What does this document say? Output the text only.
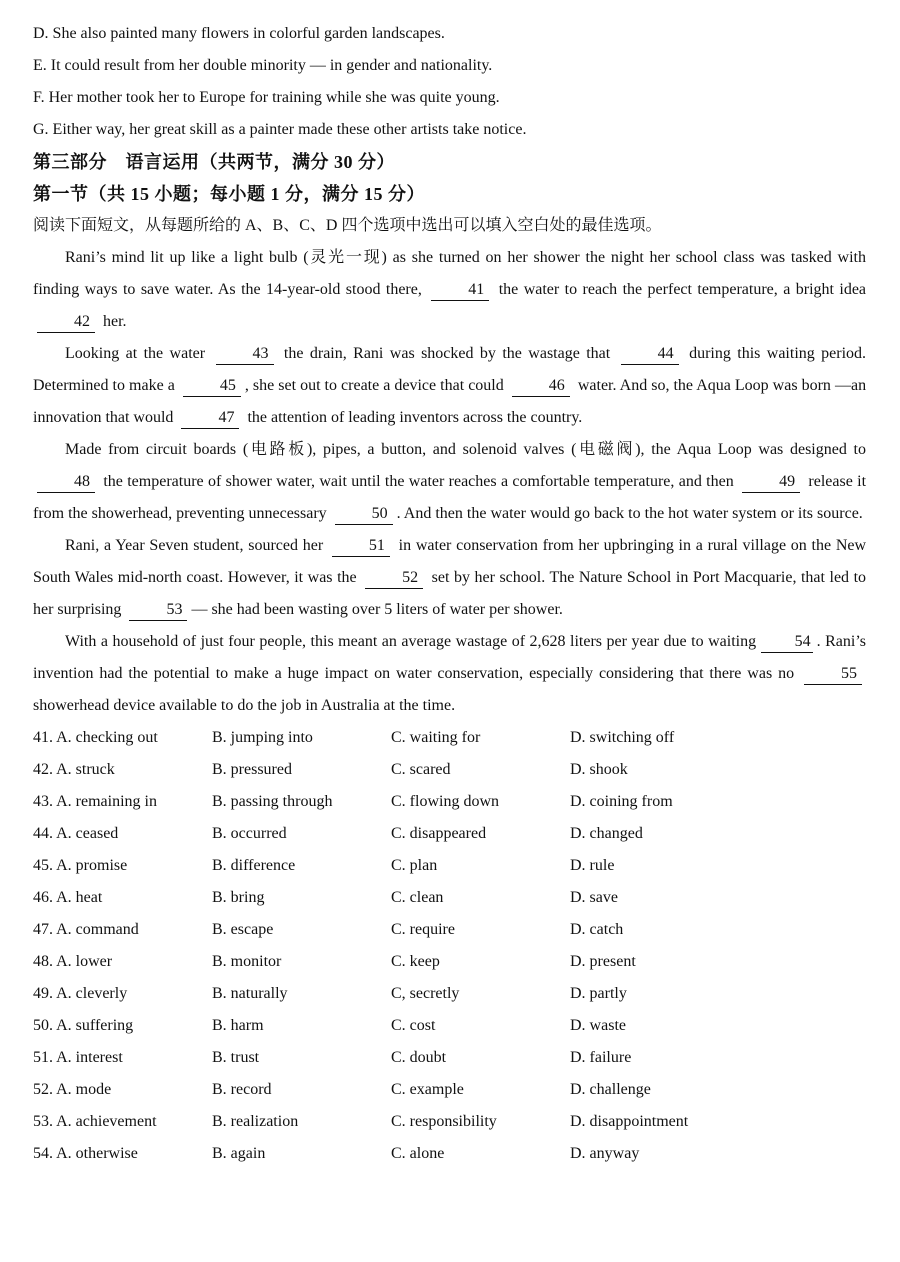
D. She also painted many flowers in colorful garden landscapes.
E. It could result from her double minority — in gender and nationality.
F. Her mother took her to Europe for training while she was quite young.
G. Either way, her great skill as a painter made these other artists take notice.
第三部分　语言运用（共两节，满分 30 分）
第一节（共 15 小题；每小题 1 分，满分 15 分）
阅读下面短文，从每题所给的 A、B、C、D 四个选项中选出可以填入空白处的最佳选项。

Rani’s mind lit up like a light bulb (灵光一现) as she turned on her shower the night her school class was tasked with finding ways to save water. As the 14-year-old stood there,	41 the water to reach the perfect temperature, a bright idea 42 her.

Looking at the water	43 the drain, Rani was shocked by the wastage that	44 during this waiting period. Determined to make a	45 , she set out to create a device that could	46 water. And so, the Aqua Loop was born —an innovation that would	47 the attention of leading inventors across the country.

Made from circuit boards (电路板), pipes, a button, and solenoid valves (电磁阀), the Aqua Loop was designed to 48 the temperature of shower water, wait until the water reaches a comfortable temperature, and then	49 release it from the showerhead, preventing unnecessary	50 . And then the water would go back to the hot water system or its source.

Rani, a Year Seven student, sourced her	51 in water conservation from her upbringing in a rural village on the New South Wales mid-north coast. However, it was the	52 set by her school. The Nature School in Port Macquarie, that led to her surprising	53 — she had been wasting over 5 liters of water per shower.

With a household of just four people, this meant an average wastage of 2,628 liters per year due to waiting 54 . Rani’s invention had the potential to make a huge impact on water conservation, especially considering that there was no	55 showerhead device available to do the job in Australia at the time.

41. A. checking out	B. jumping into	C. waiting for	D. switching off
42. A. struck	B. pressured	C. scared	D. shook
43. A. remaining in	B. passing through	C. flowing down	D. coining from
44. A. ceased	B. occurred	C. disappeared	D. changed
45. A. promise	B. difference	C. plan	D. rule
46. A. heat	B. bring	C. clean	D. save
47. A. command	B. escape	C. require	D. catch
48. A. lower	B. monitor	C. keep	D. present
49. A. cleverly	B. naturally	C, secretly	D. partly
50. A. suffering	B. harm	C. cost	D. waste
51. A. interest	B. trust	C. doubt	D. failure
52. A. mode	B. record	C. example	D. challenge
53. A. achievement	B. realization	C. responsibility	D. disappointment
54. A. otherwise	B. again	C. alone	D. anyway
